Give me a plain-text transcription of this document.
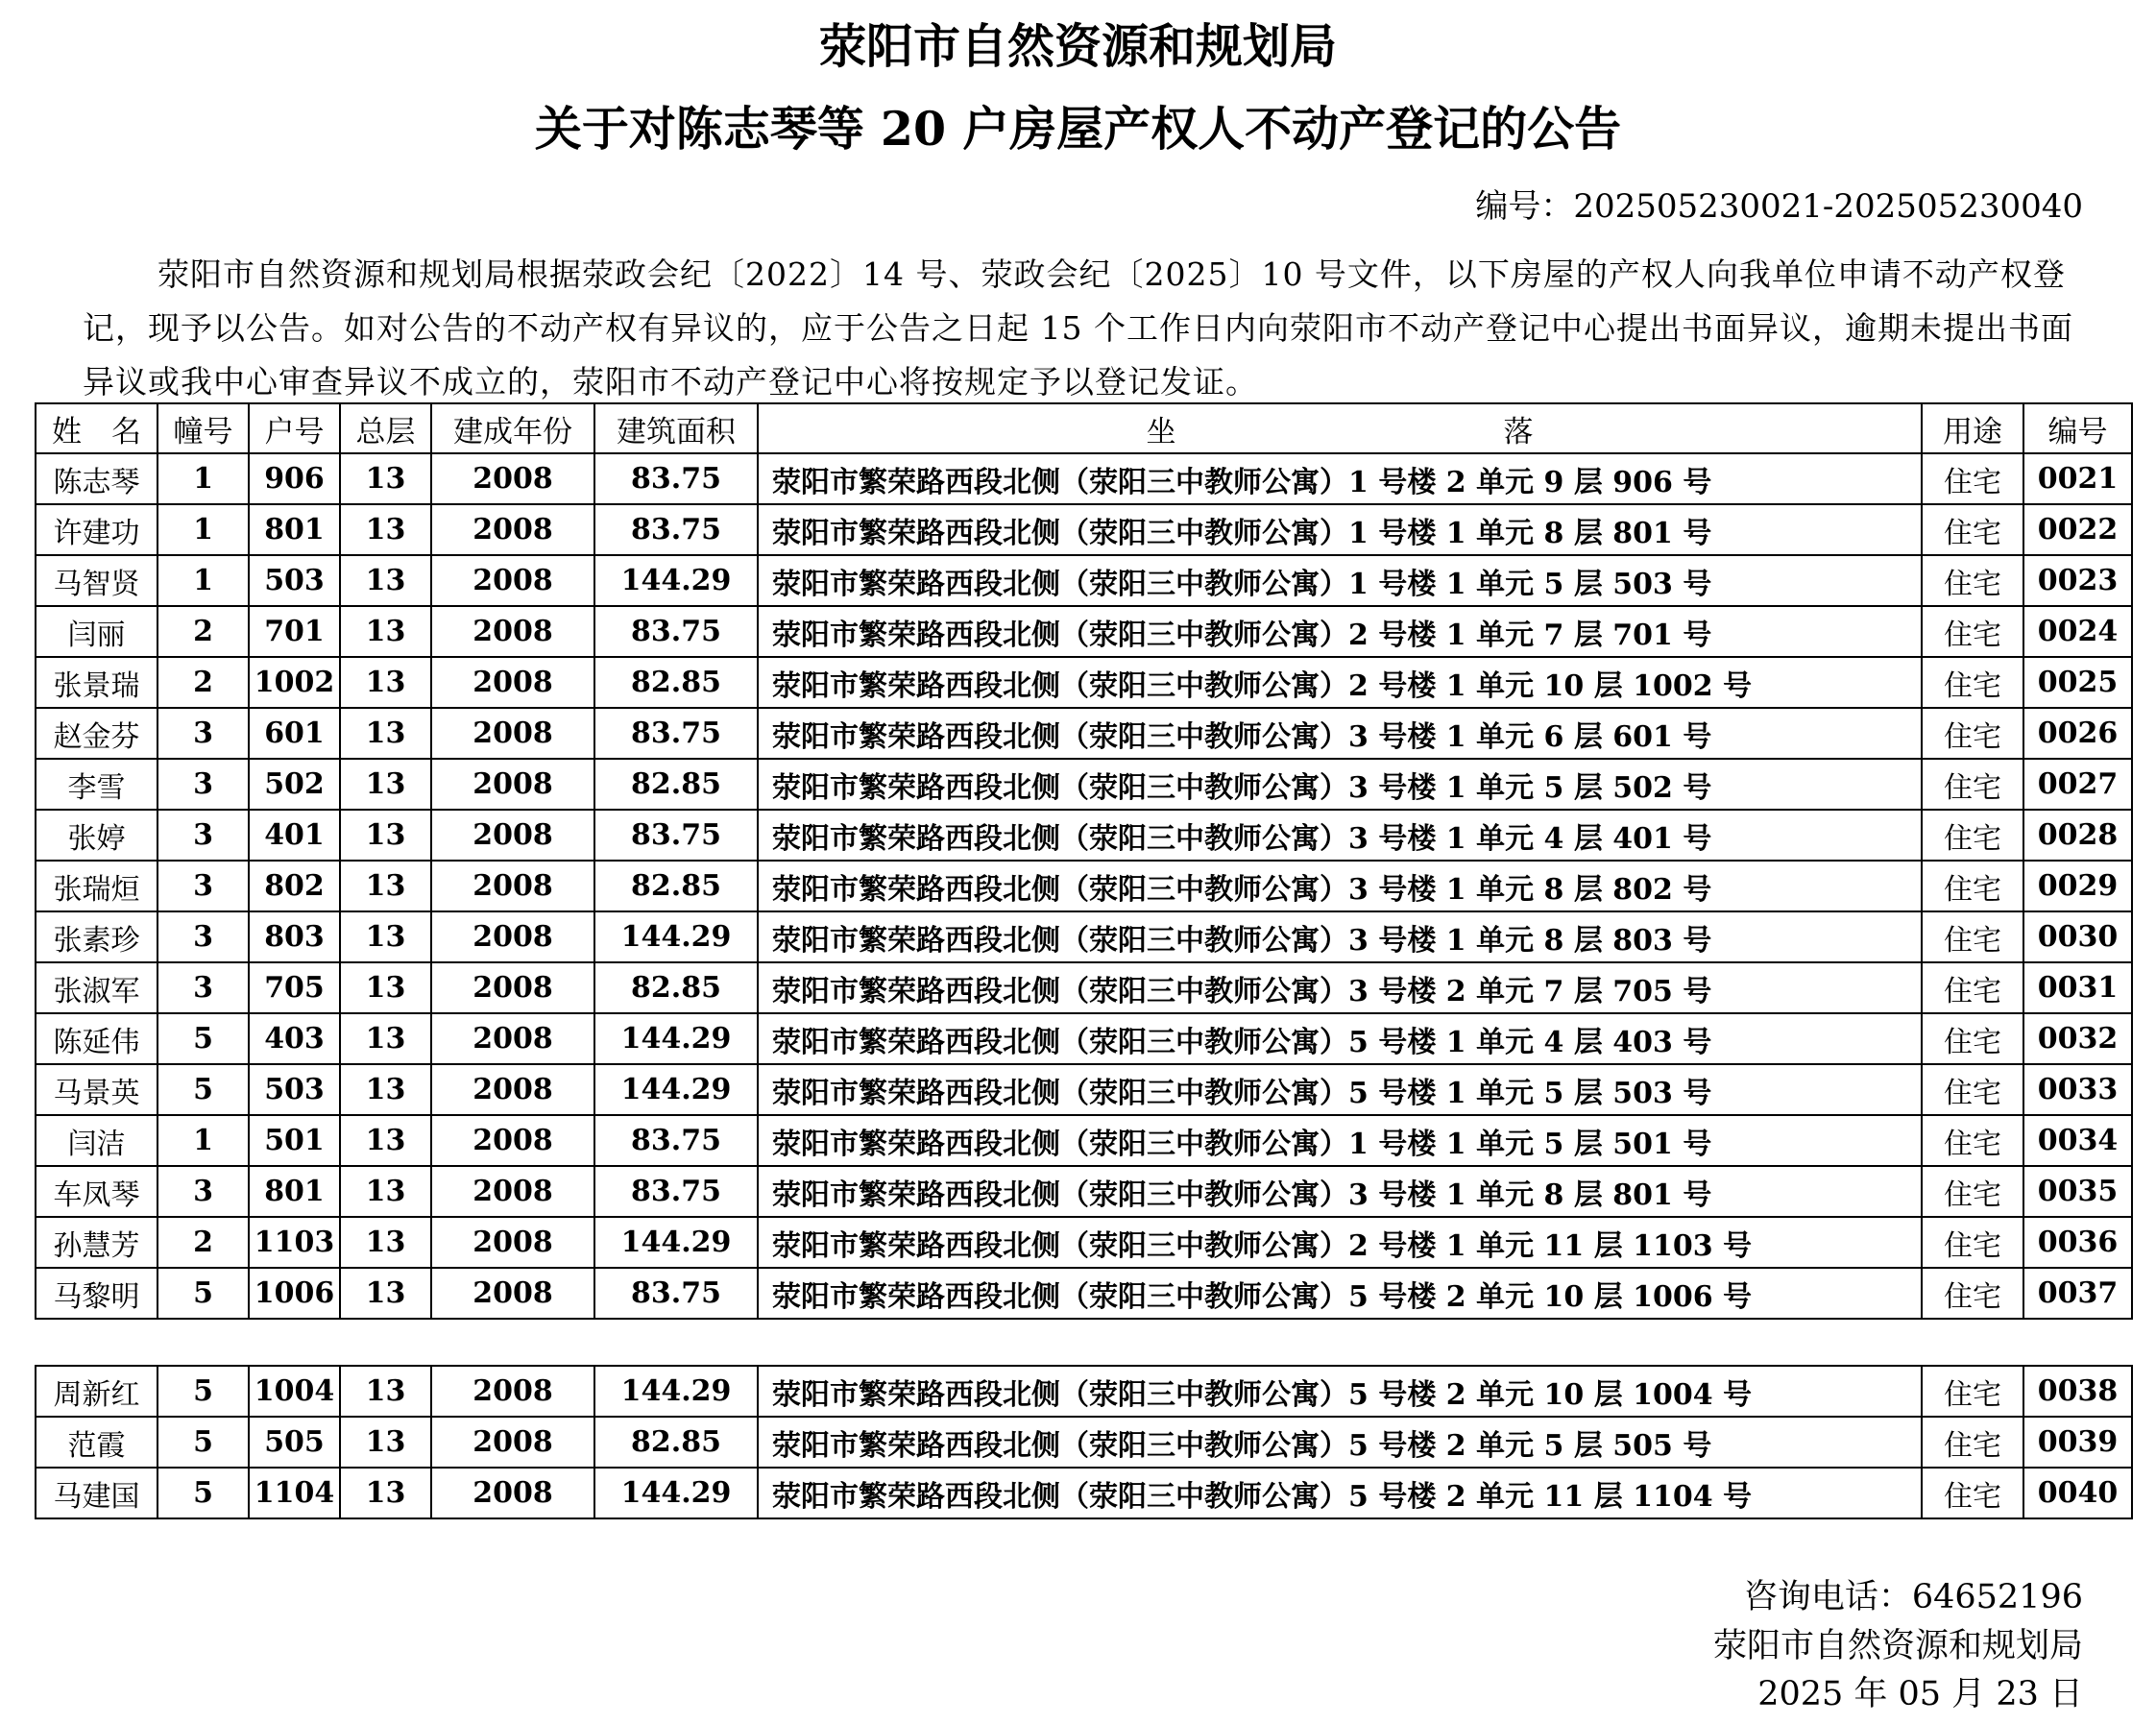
荥阳市自然资源和规划局
关于对陈志琴等 20 户房屋产权人不动产登记的公告
编号：202505230021-202505230040

荥阳市自然资源和规划局根据荥政会纪〔2022〕14 号、荥政会纪〔2025〕10 号文件，以下房屋的产权人向我单位申请不动产权登记，现予以公告。如对公告的不动产权有异议的，应于公告之日起 15 个工作日内向荥阳市不动产登记中心提出书面异议，逾期未提出书面异议或我中心审查异议不成立的，荥阳市不动产登记中心将按规定予以登记发证。

姓　名	幢号	户号	总层	建成年份	建筑面积	坐　　　　　　　　　　　落	用途	编号
陈志琴	1	906	13	2008	83.75	荥阳市繁荣路西段北侧（荥阳三中教师公寓）1 号楼 2 单元 9 层 906 号	住宅	0021
许建功	1	801	13	2008	83.75	荥阳市繁荣路西段北侧（荥阳三中教师公寓）1 号楼 1 单元 8 层 801 号	住宅	0022
马智贤	1	503	13	2008	144.29	荥阳市繁荣路西段北侧（荥阳三中教师公寓）1 号楼 1 单元 5 层 503 号	住宅	0023
闫丽	2	701	13	2008	83.75	荥阳市繁荣路西段北侧（荥阳三中教师公寓）2 号楼 1 单元 7 层 701 号	住宅	0024
张景瑞	2	1002	13	2008	82.85	荥阳市繁荣路西段北侧（荥阳三中教师公寓）2 号楼 1 单元 10 层 1002 号	住宅	0025
赵金芬	3	601	13	2008	83.75	荥阳市繁荣路西段北侧（荥阳三中教师公寓）3 号楼 1 单元 6 层 601 号	住宅	0026
李雪	3	502	13	2008	82.85	荥阳市繁荣路西段北侧（荥阳三中教师公寓）3 号楼 1 单元 5 层 502 号	住宅	0027
张婷	3	401	13	2008	83.75	荥阳市繁荣路西段北侧（荥阳三中教师公寓）3 号楼 1 单元 4 层 401 号	住宅	0028
张瑞烜	3	802	13	2008	82.85	荥阳市繁荣路西段北侧（荥阳三中教师公寓）3 号楼 1 单元 8 层 802 号	住宅	0029
张素珍	3	803	13	2008	144.29	荥阳市繁荣路西段北侧（荥阳三中教师公寓）3 号楼 1 单元 8 层 803 号	住宅	0030
张淑军	3	705	13	2008	82.85	荥阳市繁荣路西段北侧（荥阳三中教师公寓）3 号楼 2 单元 7 层 705 号	住宅	0031
陈延伟	5	403	13	2008	144.29	荥阳市繁荣路西段北侧（荥阳三中教师公寓）5 号楼 1 单元 4 层 403 号	住宅	0032
马景英	5	503	13	2008	144.29	荥阳市繁荣路西段北侧（荥阳三中教师公寓）5 号楼 1 单元 5 层 503 号	住宅	0033
闫洁	1	501	13	2008	83.75	荥阳市繁荣路西段北侧（荥阳三中教师公寓）1 号楼 1 单元 5 层 501 号	住宅	0034
车凤琴	3	801	13	2008	83.75	荥阳市繁荣路西段北侧（荥阳三中教师公寓）3 号楼 1 单元 8 层 801 号	住宅	0035
孙慧芳	2	1103	13	2008	144.29	荥阳市繁荣路西段北侧（荥阳三中教师公寓）2 号楼 1 单元 11 层 1103 号	住宅	0036
马黎明	5	1006	13	2008	83.75	荥阳市繁荣路西段北侧（荥阳三中教师公寓）5 号楼 2 单元 10 层 1006 号	住宅	0037
周新红	5	1004	13	2008	144.29	荥阳市繁荣路西段北侧（荥阳三中教师公寓）5 号楼 2 单元 10 层 1004 号	住宅	0038
范霞	5	505	13	2008	82.85	荥阳市繁荣路西段北侧（荥阳三中教师公寓）5 号楼 2 单元 5 层 505 号	住宅	0039
马建国	5	1104	13	2008	144.29	荥阳市繁荣路西段北侧（荥阳三中教师公寓）5 号楼 2 单元 11 层 1104 号	住宅	0040
咨询电话：64652196
荥阳市自然资源和规划局
2025 年 05 月 23 日
